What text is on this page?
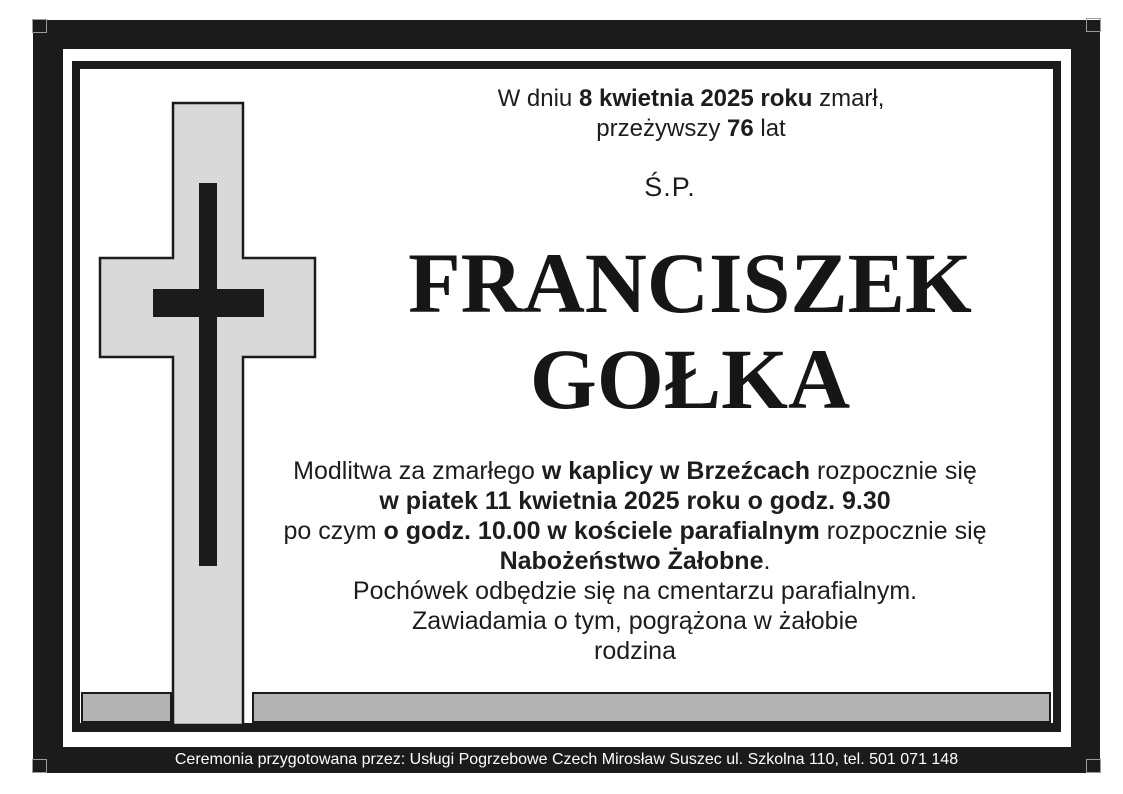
W dniu 8 kwietnia 2025 roku zmarł,
przeżywszy 76 lat
Ś.P.
FRANCISZEK
GOŁKA
Modlitwa za zmarłego w kaplicy w Brzeźcach rozpocznie się
w piatek 11 kwietnia 2025 roku o godz. 9.30
po czym o godz. 10.00 w kościele parafialnym rozpocznie się
Nabożeństwo Żałobne.
Pochówek odbędzie się na cmentarzu parafialnym.
Zawiadamia o tym, pogrążona w żałobie
rodzina
Ceremonia przygotowana przez: Usługi Pogrzebowe Czech Mirosław Suszec ul. Szkolna 110, tel. 501 071 148
